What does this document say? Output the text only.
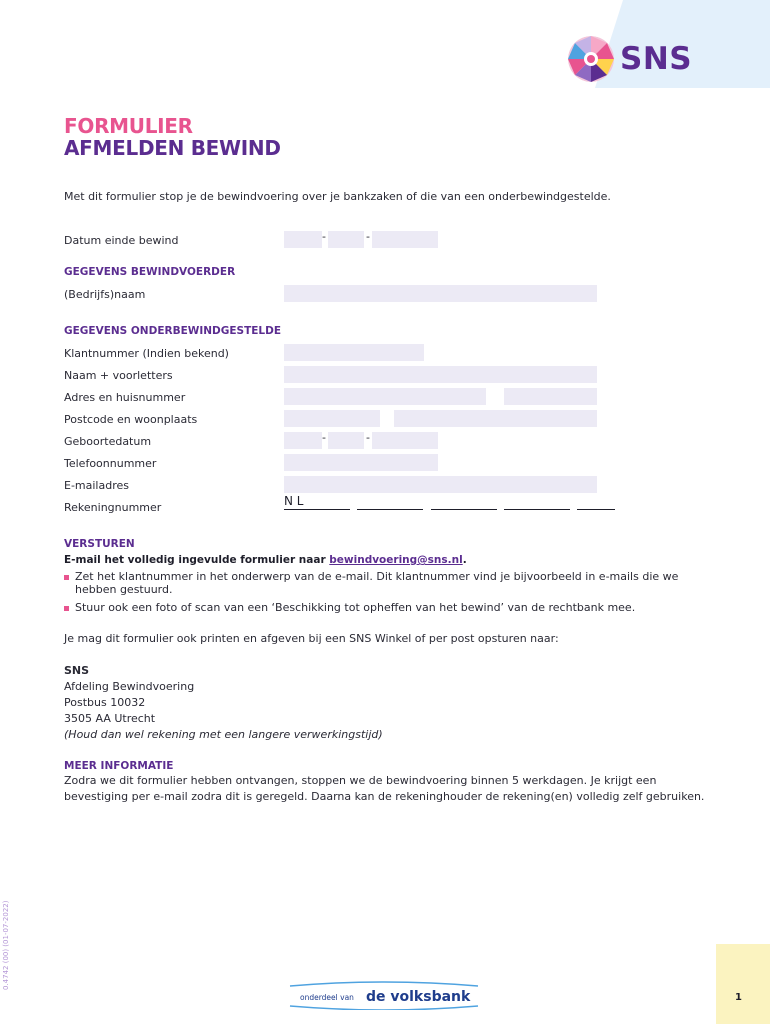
SNS
FORMULIER
AFMELDEN BEWIND
Met dit formulier stop je de bewindvoering over je bankzaken of die van een onderbewindgestelde.
Datum einde bewind	-	-
GEGEVENS BEWINDVOERDER
(Bedrijfs)naam
GEGEVENS ONDERBEWINDGESTELDE
Klantnummer (Indien bekend)
Naam + voorletters
Adres en huisnummer
Postcode en woonplaats
Geboortedatum	-	-
Telefoonnummer
E-mailadres
Rekeningnummer	N L
VERSTUREN
E-mail het volledig ingevulde formulier naar bewindvoering@sns.nl.
Zet het klantnummer in het onderwerp van de e-mail. Dit klantnummer vind je bijvoorbeeld in e-mails die we
hebben gestuurd.
Stuur ook een foto of scan van een ‘Beschikking tot opheffen van het bewind’ van de rechtbank mee.
Je mag dit formulier ook printen en afgeven bij een SNS Winkel of per post opsturen naar:
SNS
Afdeling Bewindvoering
Postbus 10032
3505 AA Utrecht
(Houd dan wel rekening met een langere verwerkingstijd)
MEER INFORMATIE
Zodra we dit formulier hebben ontvangen, stoppen we de bewindvoering binnen 5 werkdagen. Je krijgt een
bevestiging per e-mail zodra dit is geregeld. Daarna kan de rekeninghouder de rekening(en) volledig zelf gebruiken.
0.4742 (00) (01-07-2022)
onderdeel van de volksbank	1
